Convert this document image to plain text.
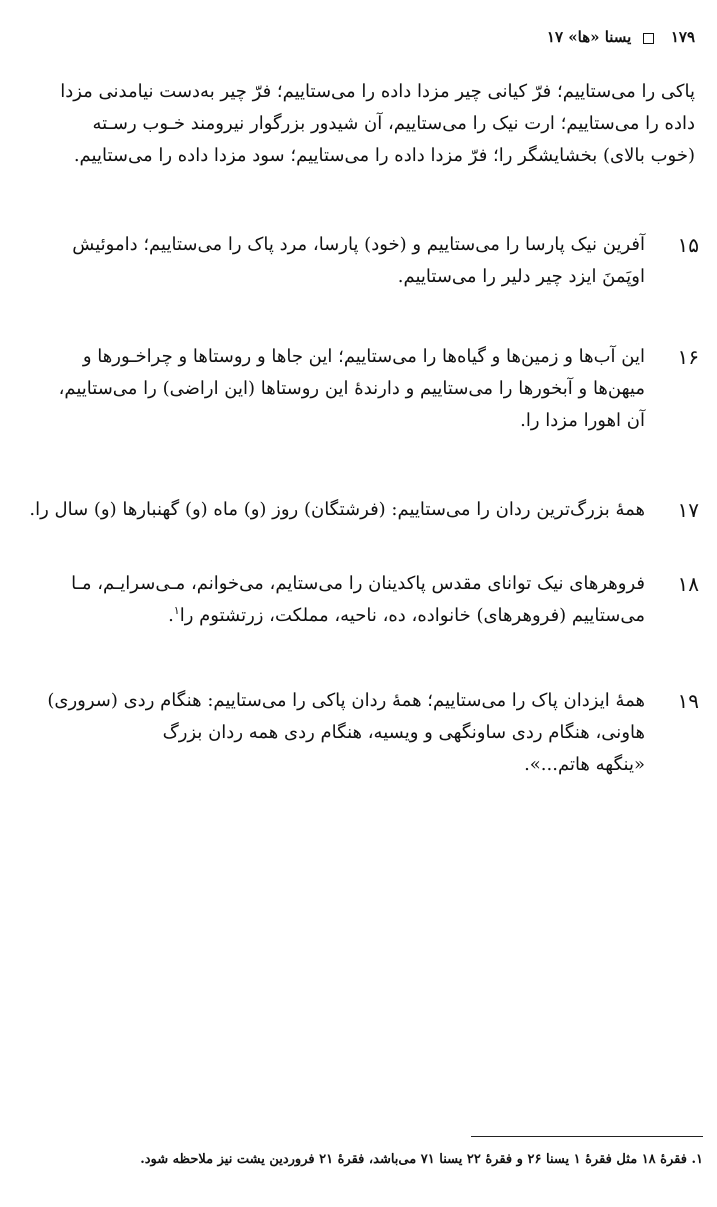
۱۷۹  یسنا «ها» ۱۷
پاکی را می‌ستاییم؛ فرّ کیانی چیر مزدا داده را می‌ستاییم؛ فرّ چیر به‌دست نیامدنی مزدا
داده را می‌ستاییم؛ ارت نیک را می‌ستاییم، آن شیدور بزرگوار نیرومند خـوب رسـته
(خوب بالای) بخشایشگر را؛ فرّ مزدا داده را می‌ستاییم؛ سود مزدا داده را می‌ستاییم.
۱۵
آفرین نیک پارسا را می‌ستاییم و (خود) پارسا، مرد پاک را می‌ستاییم؛ داموئیش
اوپَمنَ ایزد چیر دلیر را می‌ستاییم.
۱۶
این آب‌ها و زمین‌ها و گیاه‌ها را می‌ستاییم؛ این جاها و روستاها و چراخـورها و
میهن‌ها و آبخورها را می‌ستاییم و دارندهٔ این روستاها (این اراضی) را می‌ستاییم،
آن اهورا مزدا را.
۱۷
همهٔ بزرگ‌ترین ردان را می‌ستاییم: (فرشتگان) روز (و) ماه (و) گهنبارها (و) سال را.
۱۸
فروهرهای نیک توانای مقدس پاکدینان را می‌ستایم، می‌خوانم، مـی‌سرایـم، مـا
می‌ستاییم (فروهرهای) خانواده، ده، ناحیه، مملکت، زرتشتوم را$^۱$.
۱۹
همهٔ ایزدان پاک را می‌ستاییم؛ همهٔ ردان پاکی را می‌ستاییم: هنگام ردی (سروری)
هاونی، هنگام ردی ساونگهی و ویسیه، هنگام ردی همه ردان بزرگ
«ینگهه هاتم...».
۱. فقرهٔ ۱۸ مثل فقرهٔ ۱ یسنا ۲۶ و فقرهٔ ۲۲ یسنا ۷۱ می‌باشد، فقرهٔ ۲۱ فروردین یشت نیز ملاحظه شود.
